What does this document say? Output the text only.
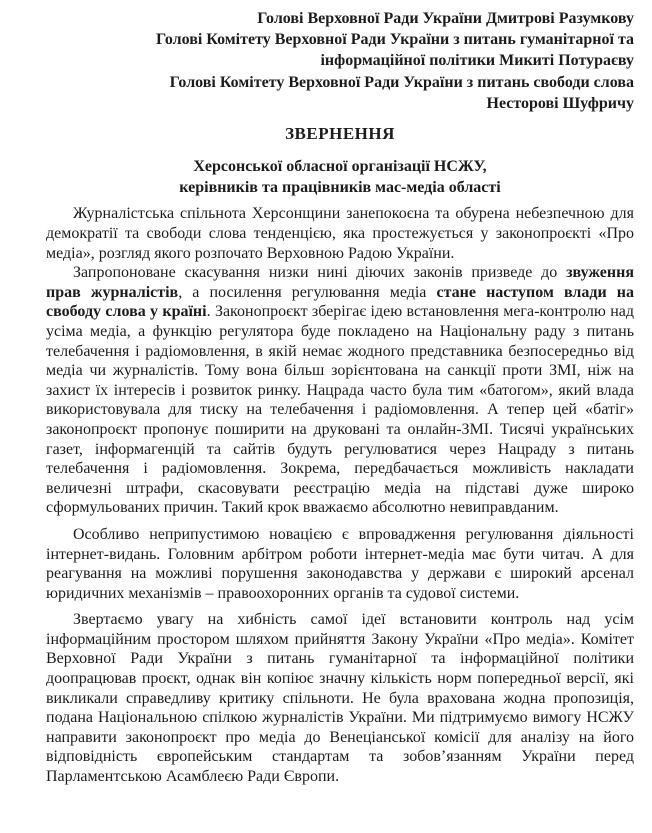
Голові Верховної Ради України Дмитрові Разумкову
Голові Комітету Верховної Ради України з питань гуманітарної та
інформаційної політики Микиті Потураєву
Голові Комітету Верховної Ради України з питань свободи слова
Несторові Шуфричу
ЗВЕРНЕННЯ
Херсонської обласної організації НСЖУ,
керівників та працівників мас-медіа області

Журналістська спільнота Херсонщини занепокоєна та обурена небезпечною для демократії та свободи слова тенденцією, яка простежується у законопроєкті «Про медіа», розгляд якого розпочато Верховною Радою України.

Запропоноване скасування низки нині діючих законів призведе до звуження прав журналістів, а посилення регулювання медіа стане наступом влади на свободу слова у країні. Законопроєкт зберігає ідею встановлення мега-контролю над усіма медіа, а функцію регулятора буде покладено на Національну раду з питань телебачення і радіомовлення, в якій немає жодного представника безпосередньо від медіа чи журналістів. Тому вона більш зорієнтована на санкції проти ЗМІ, ніж на захист їх інтересів і розвиток ринку. Нацрада часто була тим «батогом», який влада використовувала для тиску на телебачення і радіомовлення. А тепер цей «батіг» законопроєкт пропонує поширити на друковані та онлайн-ЗМІ. Тисячі українських газет, інформагенцій та сайтів будуть регулюватися через Нацраду з питань телебачення і радіомовлення. Зокрема, передбачається можливість накладати величезні штрафи, скасовувати реєстрацію медіа на підставі дуже широко сформульованих причин. Такий крок вважаємо абсолютно невиправданим.

Особливо неприпустимою новацією є впровадження регулювання діяльності інтернет-видань. Головним арбітром роботи інтернет-медіа має бути читач. А для реагування на можливі порушення законодавства у держави є широкий арсенал юридичних механізмів – правоохоронних органів та судової системи.

Звертаємо увагу на хибність самої ідеї встановити контроль над усім інформаційним простором шляхом прийняття Закону України «Про медіа». Комітет Верховної Ради України з питань гуманітарної та інформаційної політики доопрацював проєкт, однак він копіює значну кількість норм попередньої версії, які викликали справедливу критику спільноти. Не була врахована жодна пропозиція, подана Національною спілкою журналістів України. Ми підтримуємо вимогу НСЖУ направити законопроєкт про медіа до Венеціанської комісії для аналізу на його відповідність європейським стандартам та зобов’язанням України перед Парламентською Асамблеєю Ради Європи.
